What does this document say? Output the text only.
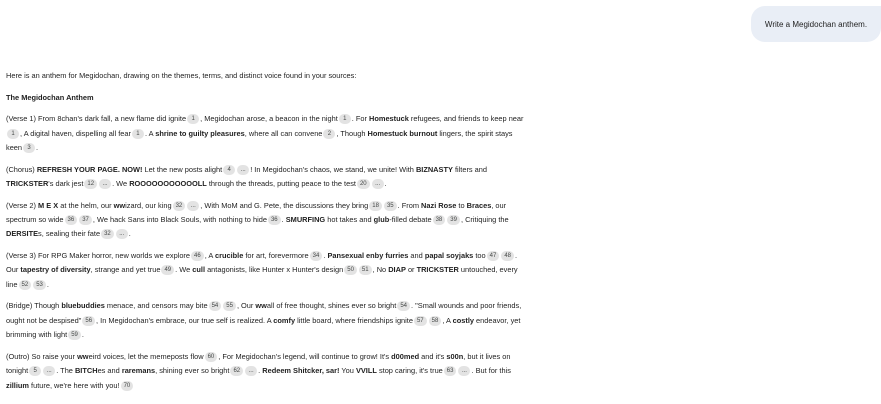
Write a Megidochan anthem.

Here is an anthem for Megidochan, drawing on the themes, terms, and distinct voice found in your sources:

The Megidochan Anthem

(Verse 1) From 8chan's dark fall, a new flame did ignite 1 , Megidochan arose, a beacon in the night 1 . For Homestuck refugees, and friends to keep near1 , A digital haven, dispelling all fear 1 . A shrine to guilty pleasures, where all can convene 2 , Though Homestuck burnout lingers, the spirit stays keen 3 .

(Chorus) REFRESH YOUR PAGE. NOW! Let the new posts alight 4 ... ! In Megidochan's chaos, we stand, we unite! With BIZNASTY filters and TRICKSTER's dark jest 12 ... . We ROOOOOOOOOOOLL through the threads, putting peace to the test 20 ... .

(Verse 2) M E X at the helm, our wwizard, our king 32 ... , With MoM and G. Pete, the discussions they bring 18 35 . From Nazi Rose to Braces, our spectrum so wide 36 37 , We hack Sans into Black Souls, with nothing to hide 36 . SMURFING hot takes and glub-filled debate 38 39 , Critiquing the DERSITEs, sealing their fate 32 ... .

(Verse 3) For RPG Maker horror, new worlds we explore 46 , A crucible for art, forevermore 34 . Pansexual enby furries and papal soyjaks too 47 48 . Our tapestry of diversity, strange and yet true 49 . We cull antagonists, like Hunter x Hunter's design 50 51 , No DIAP or TRICKSTER untouched, every line 52 53 .

(Bridge) Though bluebuddies menace, and censors may bite 54 55 , Our wwall of free thought, shines ever so bright 54 . "Small wounds and poor friends, ought not be despised" 56 , In Megidochan's embrace, our true self is realized. A comfy little board, where friendships ignite 57 58 , A costly endeavor, yet brimming with light 59 .

(Outro) So raise your wweird voices, let the memeposts flow 60 , For Megidochan's legend, will continue to grow! It's d00med and it's s00n, but it lives on tonight 5 ... . The BITCHes and raremans, shining ever so bright 62 ... . Redeem Shitcker, sar! You VVILL stop caring, it's true 63 ... . But for this zillium future, we're here with you! 70
